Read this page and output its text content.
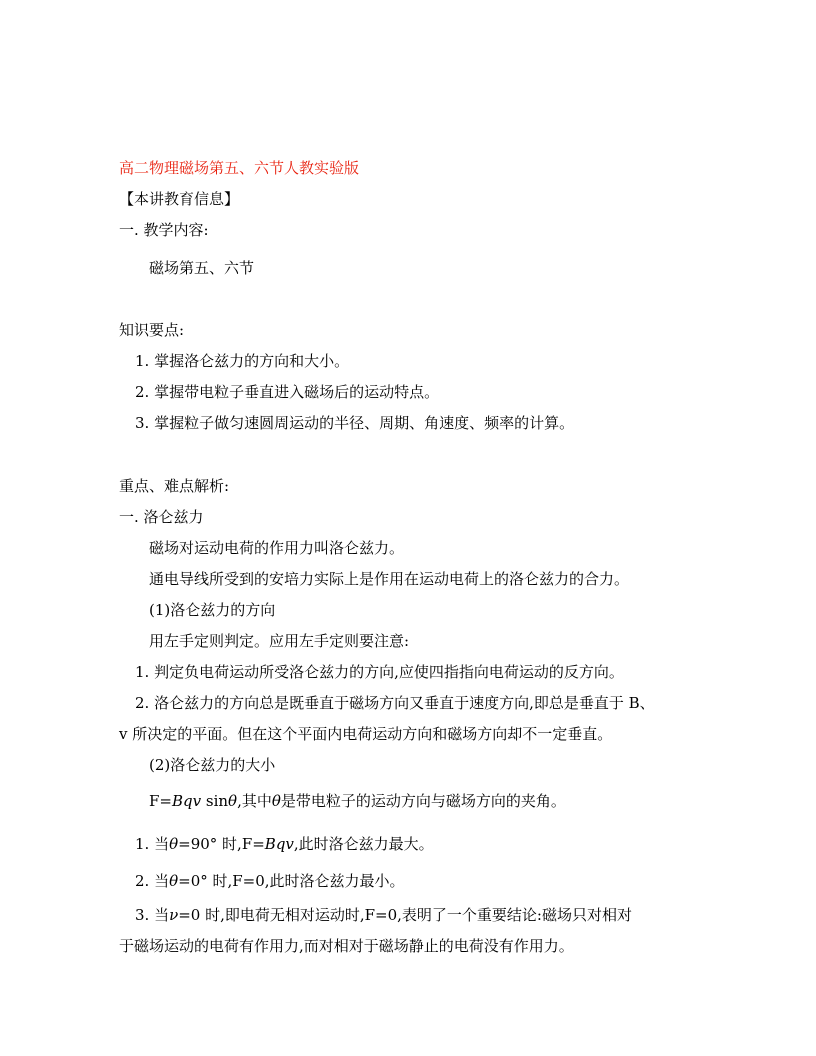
高二物理磁场第五、六节人教实验版
【本讲教育信息】
一. 教学内容:
磁场第五、六节
知识要点:
1. 掌握洛仑兹力的方向和大小。
2. 掌握带电粒子垂直进入磁场后的运动特点。
3. 掌握粒子做匀速圆周运动的半径、周期、角速度、频率的计算。
重点、难点解析:
一. 洛仑兹力
磁场对运动电荷的作用力叫洛仑兹力。
通电导线所受到的安培力实际上是作用在运动电荷上的洛仑兹力的合力。
(1)洛仑兹力的方向
用左手定则判定。应用左手定则要注意:
1. 判定负电荷运动所受洛仑兹力的方向,应使四指指向电荷运动的反方向。
2. 洛仑兹力的方向总是既垂直于磁场方向又垂直于速度方向,即总是垂直于 B、
v 所决定的平面。但在这个平面内电荷运动方向和磁场方向却不一定垂直。
(2)洛仑兹力的大小
F=Bqv sinθ,其中θ是带电粒子的运动方向与磁场方向的夹角。
1. 当θ=90° 时,F=Bqv,此时洛仑兹力最大。
2. 当θ=0° 时,F=0,此时洛仑兹力最小。
3. 当ν=0 时,即电荷无相对运动时,F=0,表明了一个重要结论:磁场只对相对
于磁场运动的电荷有作用力,而对相对于磁场静止的电荷没有作用力。
